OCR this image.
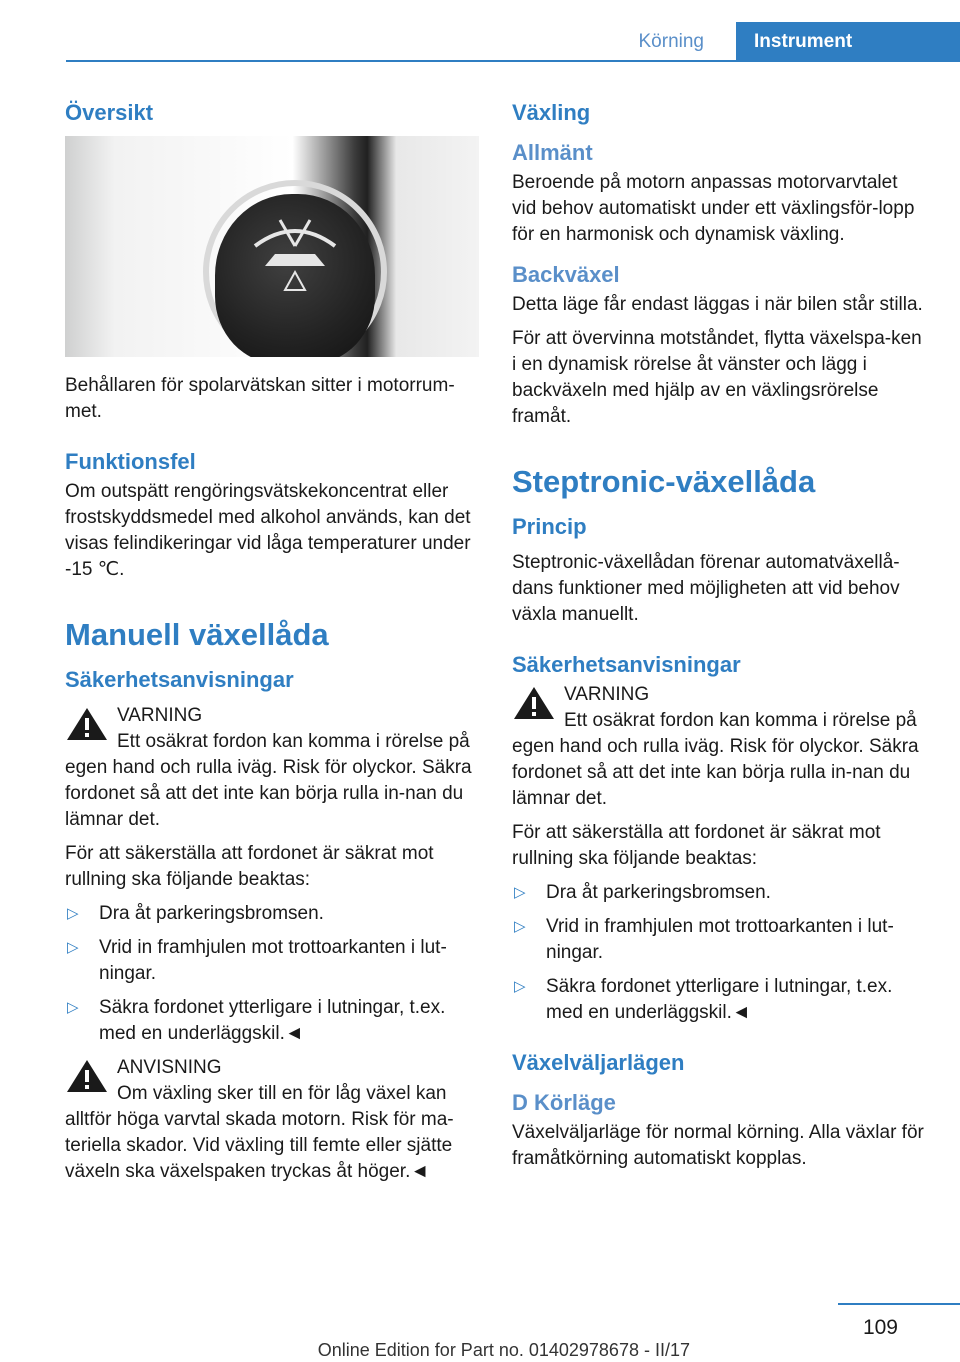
Körning	Instrument
Översikt

Behållaren för spolarvätskan sitter i motorrum-met.

Funktionsfel

Om outspätt rengöringsvätskekoncentrat eller frostskyddsmedel med alkohol används, kan det visas felindikeringar vid låga temperaturer under -15 ℃.

Manuell växellåda
Säkerhetsanvisningar
VARNING

Ett osäkrat fordon kan komma i rörelse på egen hand och rulla iväg. Risk för olyckor. Säkra fordonet så att det inte kan börja rulla in-nan du lämnar det.

För att säkerställa att fordonet är säkrat mot rullning ska följande beaktas:

▷ Dra åt parkeringsbromsen.
▷ Vrid in framhjulen mot trottoarkanten i lut-ningar.
▷ Säkra fordonet ytterligare i lutningar, t.ex. med en underläggskil.◄
ANVISNING

Om växling sker till en för låg växel kan alltför höga varvtal skada motorn. Risk för ma-teriella skador. Vid växling till femte eller sjätte växeln ska växelspaken tryckas åt höger.◄

Växling
Allmänt

Beroende på motorn anpassas motorvarvtalet vid behov automatiskt under ett växlingsför-lopp för en harmonisk och dynamisk växling.

Backväxel

Detta läge får endast läggas i när bilen står stilla.

För att övervinna motståndet, flytta växelspa-ken i en dynamisk rörelse åt vänster och lägg i backväxeln med hjälp av en växlingsrörelse framåt.

Steptronic-växellåda
Princip

Steptronic-växellådan förenar automatväxellå-dans funktioner med möjligheten att vid behov växla manuellt.

Säkerhetsanvisningar
VARNING

Ett osäkrat fordon kan komma i rörelse på egen hand och rulla iväg. Risk för olyckor. Säkra fordonet så att det inte kan börja rulla in-nan du lämnar det.

För att säkerställa att fordonet är säkrat mot rullning ska följande beaktas:

▷ Dra åt parkeringsbromsen.
▷ Vrid in framhjulen mot trottoarkanten i lut-ningar.
▷ Säkra fordonet ytterligare i lutningar, t.ex. med en underläggskil.◄
Växelväljarlägen
D Körläge

Växelväljarläge för normal körning. Alla växlar för framåtkörning automatiskt kopplas.

109
Online Edition for Part no. 01402978678 - II/17
